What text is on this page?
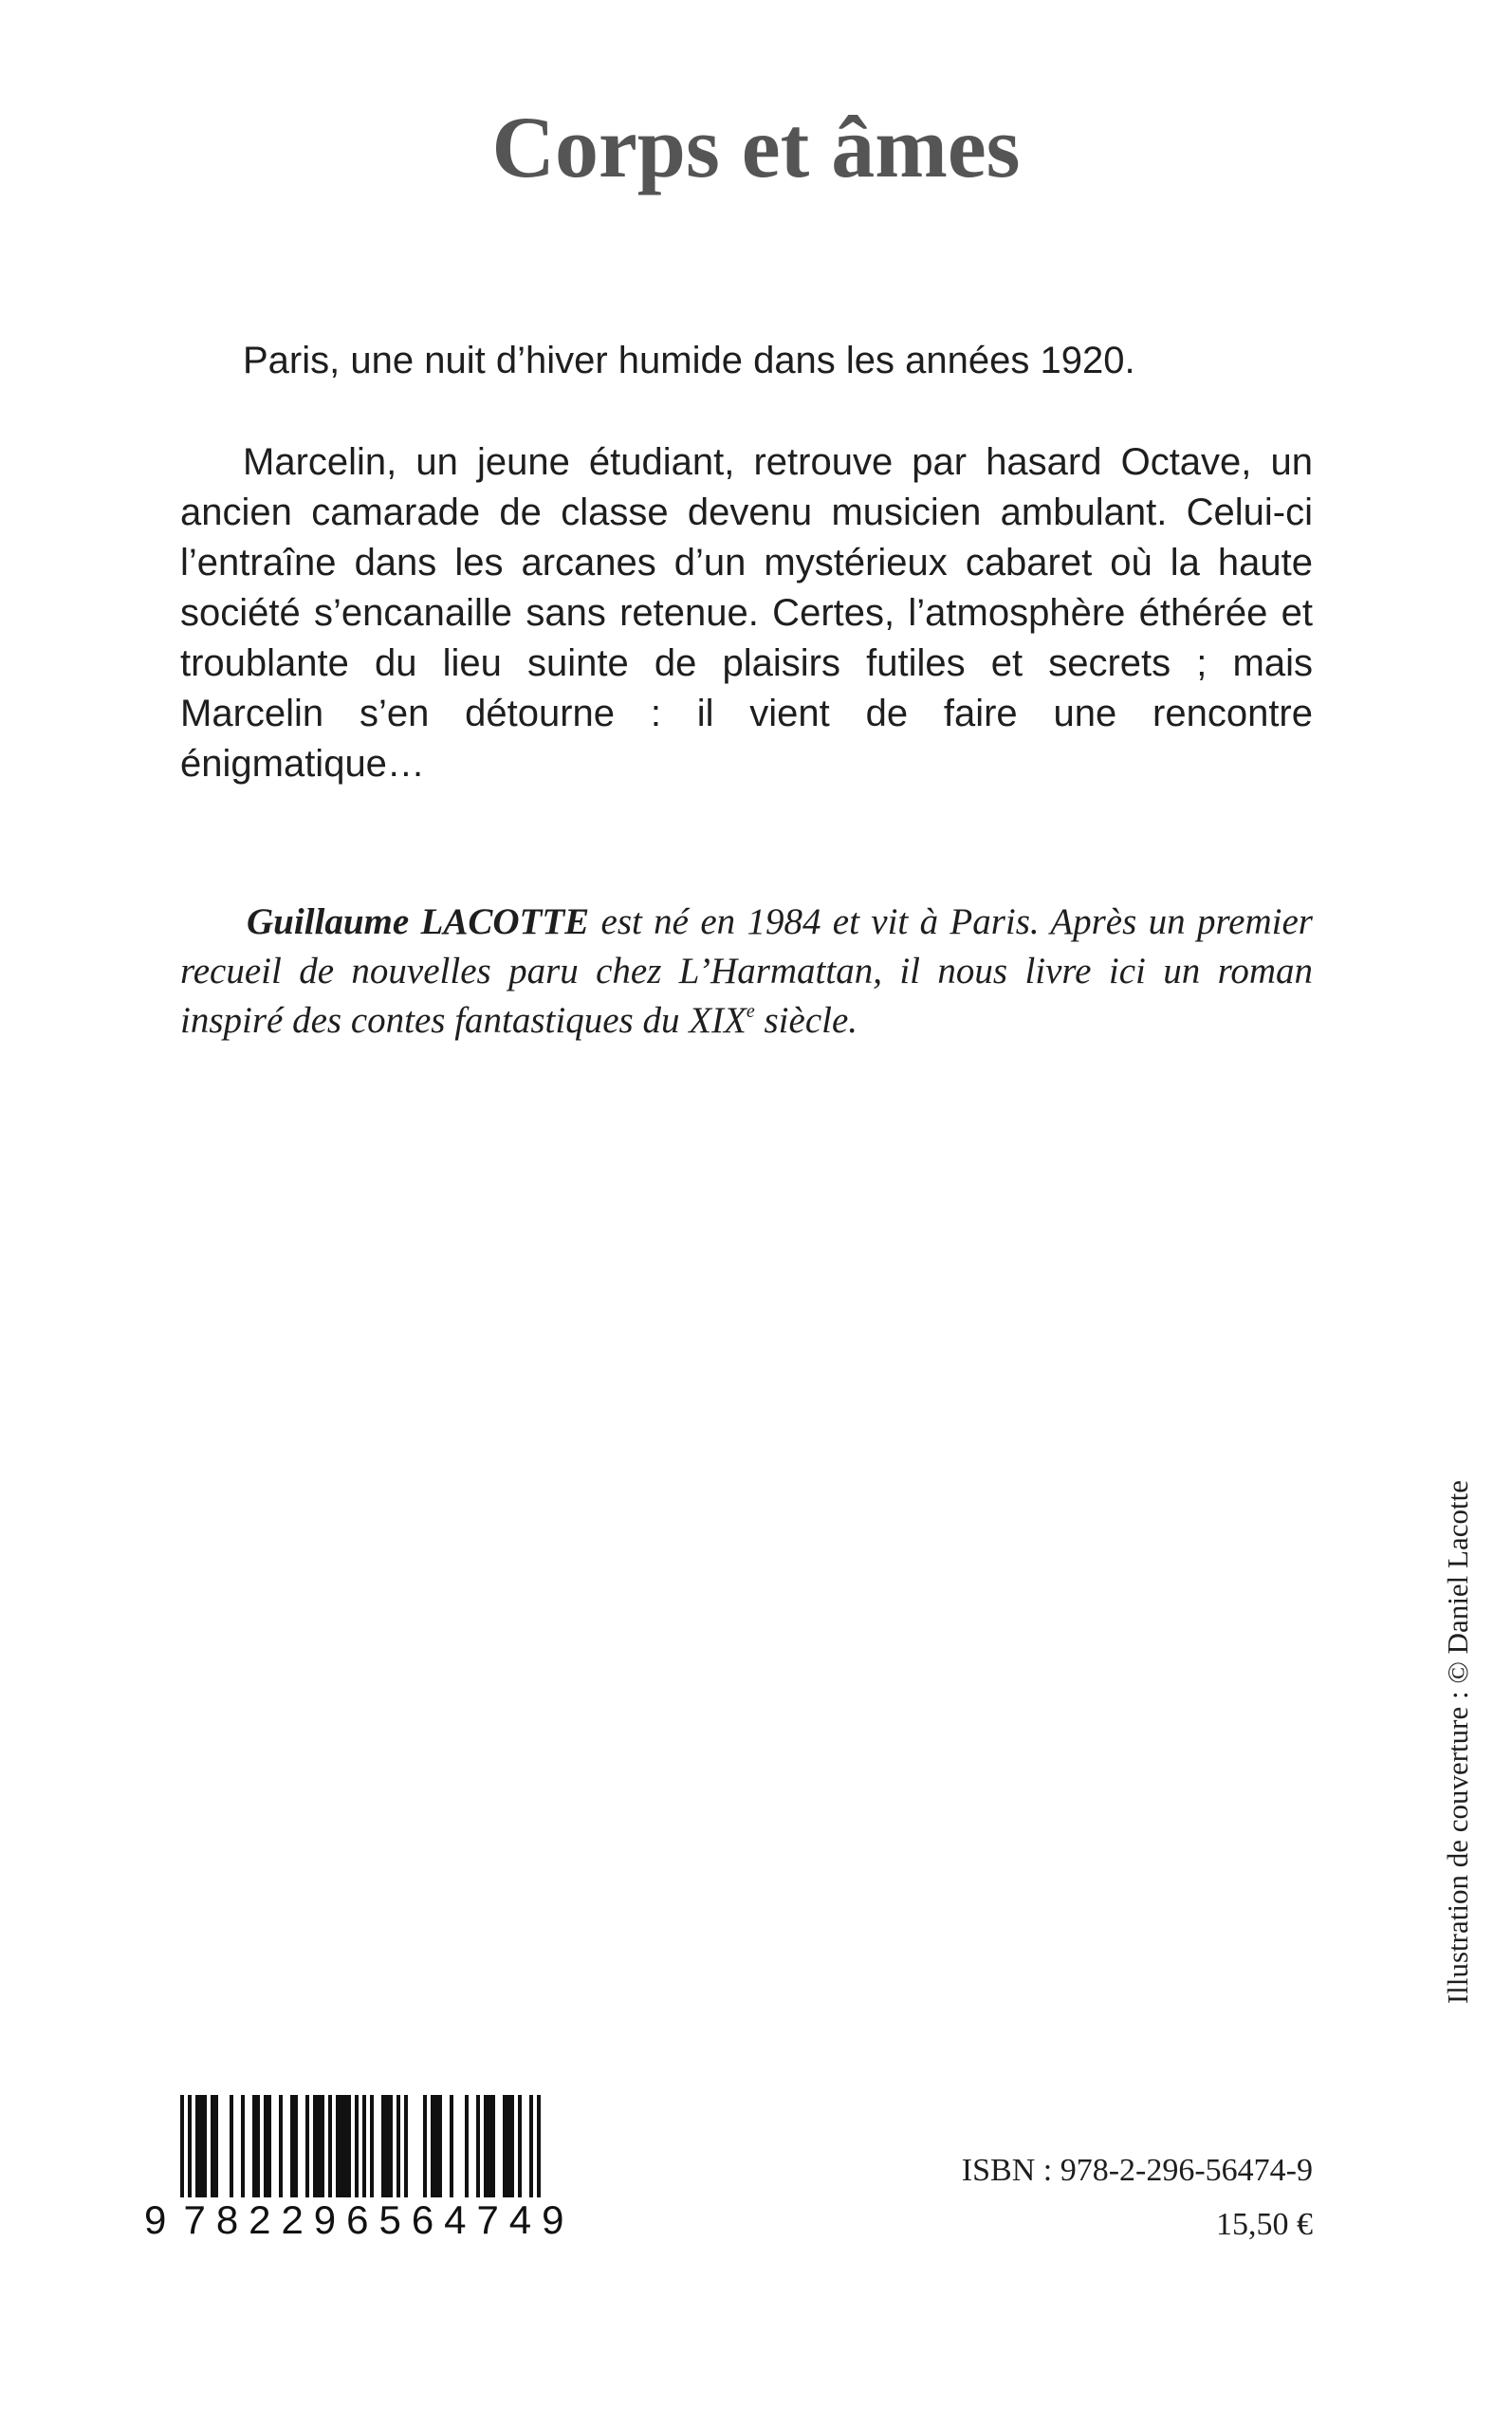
Corps et âmes

Paris, une nuit d’hiver humide dans les années 1920.

Marcelin, un jeune étudiant, retrouve par hasard Octave, un ancien camarade de classe devenu musicien ambulant. Celui-ci l’entraîne dans les arcanes d’un mystérieux cabaret où la haute société s’encanaille sans retenue. Certes, l’atmosphère éthérée et troublante du lieu suinte de plaisirs futiles et secrets ; mais Marcelin s’en détourne : il vient de faire une rencontre énigmatique…

Guillaume LACOTTE est né en 1984 et vit à Paris. Après un premier recueil de nouvelles paru chez L’Harmattan, il nous livre ici un roman inspiré des contes fantastiques du XIXe siècle.

Illustration de couverture : © Daniel Lacotte
9 7 8 2 2 9 6 5 6 4 7 4 9
ISBN : 978-2-296-56474-9
15,50 €
